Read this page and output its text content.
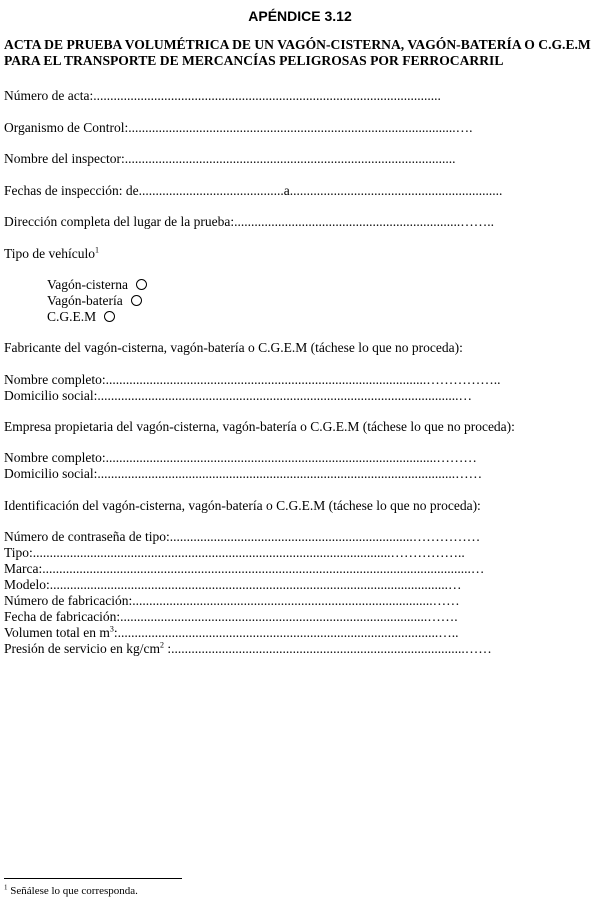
APÉNDICE 3.12
ACTA DE PRUEBA VOLUMÉTRICA DE UN VAGÓN-CISTERNA, VAGÓN-BATERÍA O C.G.E.M
PARA EL TRANSPORTE DE MERCANCÍAS PELIGROSAS POR FERROCARRIL
Número de acta:.......................................................................................................
Organismo de Control:.................................................................................................….
Nombre del inspector:..................................................................................................
Fechas de inspección: de...........................................a...............................................................
Dirección completa del lugar de la prueba:...................................................................……..
Tipo de vehículo$^1$
Vagón-cisterna
Vagón-batería
C.G.E.M
Fabricante del vagón-cisterna, vagón-batería o C.G.E.M (táchese lo que no proceda):
Nombre completo:...............................................................................................……………..
Domicilio social:...........................................................................................................…
Empresa propietaria del vagón-cisterna, vagón-batería o C.G.E.M (táchese lo que no proceda):
Nombre completo:..................................................................................................………
Domicilio social:..........................................................................................................……
Identificación del vagón-cisterna, vagón-batería o C.G.E.M (táchese lo que no proceda):
Número de contraseña de tipo:........................................................................……………
Tipo:..........................................................................................................……………..
Marca:...............................................................................................................................…
Modelo:......................................................................................................................…
Número de fabricación:.........................................................................................……
Fecha de fabricación:...........................................................................................…….
Volumen total en $m^3:...............................................................................................\dots$..
Presión de servicio en $kg/cm^2$ :.......................................................................................……
$^1$ Señálese lo que corresponda.
